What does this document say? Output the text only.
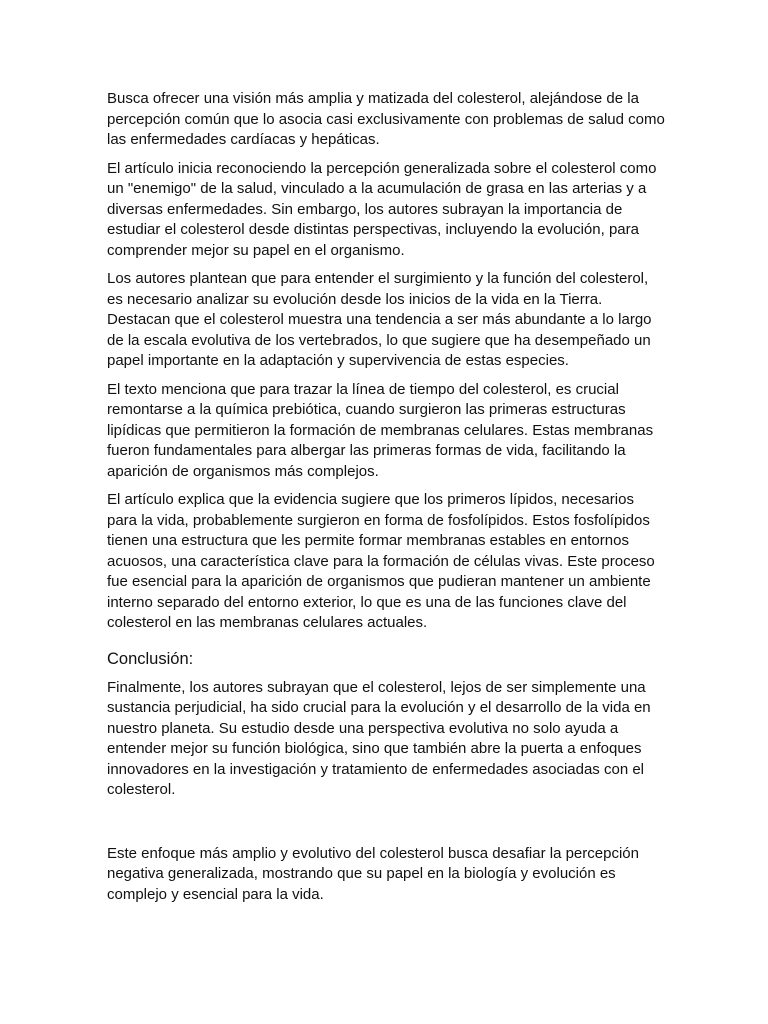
Busca ofrecer una visión más amplia y matizada del colesterol, alejándose de la percepción común que lo asocia casi exclusivamente con problemas de salud como las enfermedades cardíacas y hepáticas.

El artículo inicia reconociendo la percepción generalizada sobre el colesterol como un "enemigo" de la salud, vinculado a la acumulación de grasa en las arterias y a diversas enfermedades. Sin embargo, los autores subrayan la importancia de estudiar el colesterol desde distintas perspectivas, incluyendo la evolución, para comprender mejor su papel en el organismo.

Los autores plantean que para entender el surgimiento y la función del colesterol, es necesario analizar su evolución desde los inicios de la vida en la Tierra. Destacan que el colesterol muestra una tendencia a ser más abundante a lo largo de la escala evolutiva de los vertebrados, lo que sugiere que ha desempeñado un papel importante en la adaptación y supervivencia de estas especies.

El texto menciona que para trazar la línea de tiempo del colesterol, es crucial remontarse a la química prebiótica, cuando surgieron las primeras estructuras lipídicas que permitieron la formación de membranas celulares. Estas membranas fueron fundamentales para albergar las primeras formas de vida, facilitando la aparición de organismos más complejos.

El artículo explica que la evidencia sugiere que los primeros lípidos, necesarios para la vida, probablemente surgieron en forma de fosfolípidos. Estos fosfolípidos tienen una estructura que les permite formar membranas estables en entornos acuosos, una característica clave para la formación de células vivas. Este proceso fue esencial para la aparición de organismos que pudieran mantener un ambiente interno separado del entorno exterior, lo que es una de las funciones clave del colesterol en las membranas celulares actuales.

Conclusión:

Finalmente, los autores subrayan que el colesterol, lejos de ser simplemente una sustancia perjudicial, ha sido crucial para la evolución y el desarrollo de la vida en nuestro planeta. Su estudio desde una perspectiva evolutiva no solo ayuda a entender mejor su función biológica, sino que también abre la puerta a enfoques innovadores en la investigación y tratamiento de enfermedades asociadas con el colesterol.

Este enfoque más amplio y evolutivo del colesterol busca desafiar la percepción negativa generalizada, mostrando que su papel en la biología y evolución es complejo y esencial para la vida.
